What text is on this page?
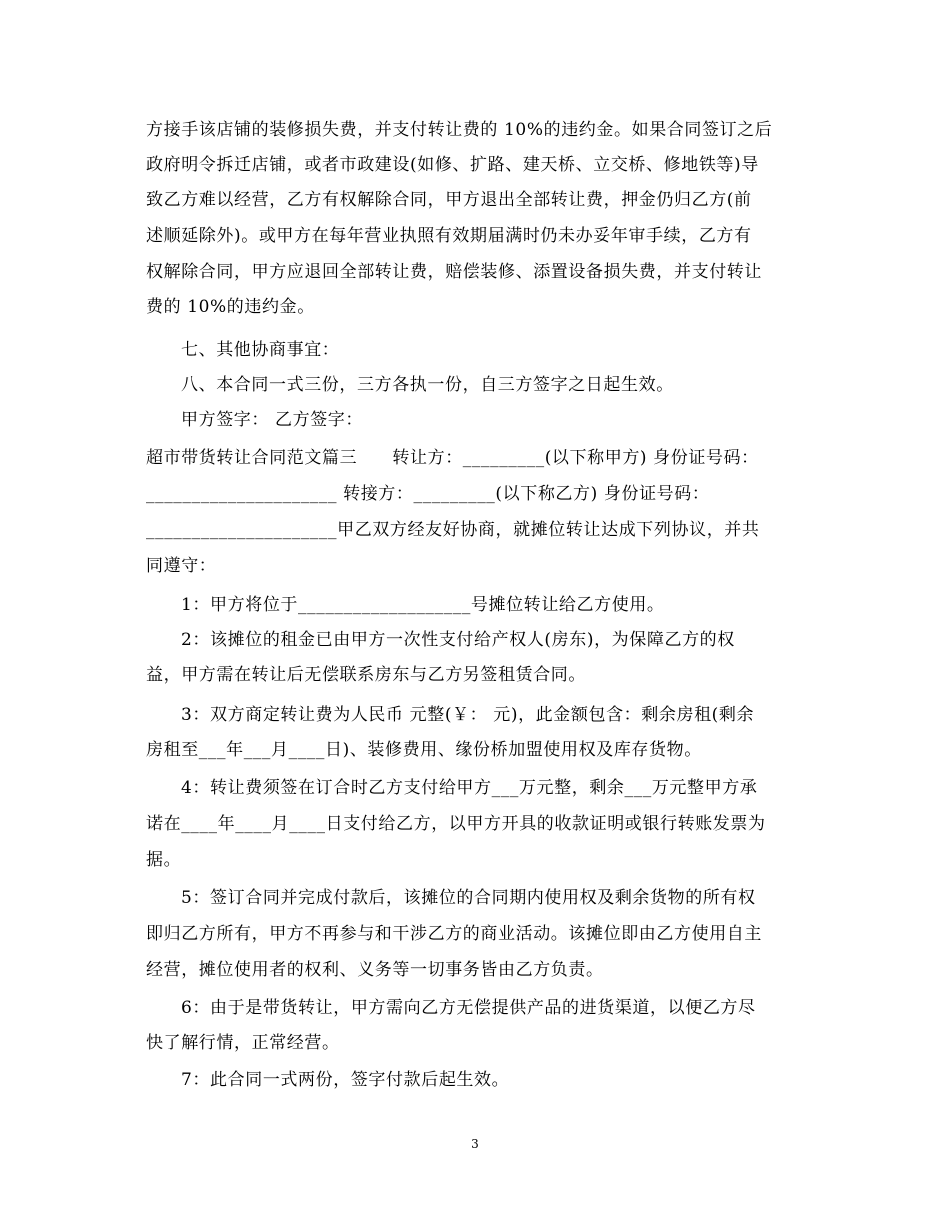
方接手该店铺的装修损失费，并支付转让费的 10%的违约金。如果合同签订之后
政府明令拆迁店铺，或者市政建设(如修、扩路、建天桥、立交桥、修地铁等)导
致乙方难以经营，乙方有权解除合同，甲方退出全部转让费，押金仍归乙方(前
述顺延除外)。或甲方在每年营业执照有效期届满时仍未办妥年审手续，乙方有
权解除合同，甲方应退回全部转让费，赔偿装修、添置设备损失费，并支付转让
费的 10%的违约金。
七、其他协商事宜：
八、本合同一式三份，三方各执一份，自三方签字之日起生效。
甲方签字： 乙方签字：
超市带货转让合同范文篇三　　转让方：_________(以下称甲方) 身份证号码：
_____________________ 转接方：_________(以下称乙方) 身份证号码：
_____________________甲乙双方经友好协商，就摊位转让达成下列协议，并共
同遵守：
1：甲方将位于___________________号摊位转让给乙方使用。
2：该摊位的租金已由甲方一次性支付给产权人(房东)，为保障乙方的权
益，甲方需在转让后无偿联系房东与乙方另签租赁合同。
3：双方商定转让费为人民币 元整(￥： 元)，此金额包含：剩余房租(剩余
房租至___年___月____日)、装修费用、缘份桥加盟使用权及库存货物。
4：转让费须签在订合时乙方支付给甲方___万元整，剩余___万元整甲方承
诺在____年____月____日支付给乙方，以甲方开具的收款证明或银行转账发票为
据。
5：签订合同并完成付款后，该摊位的合同期内使用权及剩余货物的所有权
即归乙方所有，甲方不再参与和干涉乙方的商业活动。该摊位即由乙方使用自主
经营，摊位使用者的权利、义务等一切事务皆由乙方负责。
6：由于是带货转让，甲方需向乙方无偿提供产品的进货渠道，以便乙方尽
快了解行情，正常经营。
7：此合同一式两份，签字付款后起生效。
3
